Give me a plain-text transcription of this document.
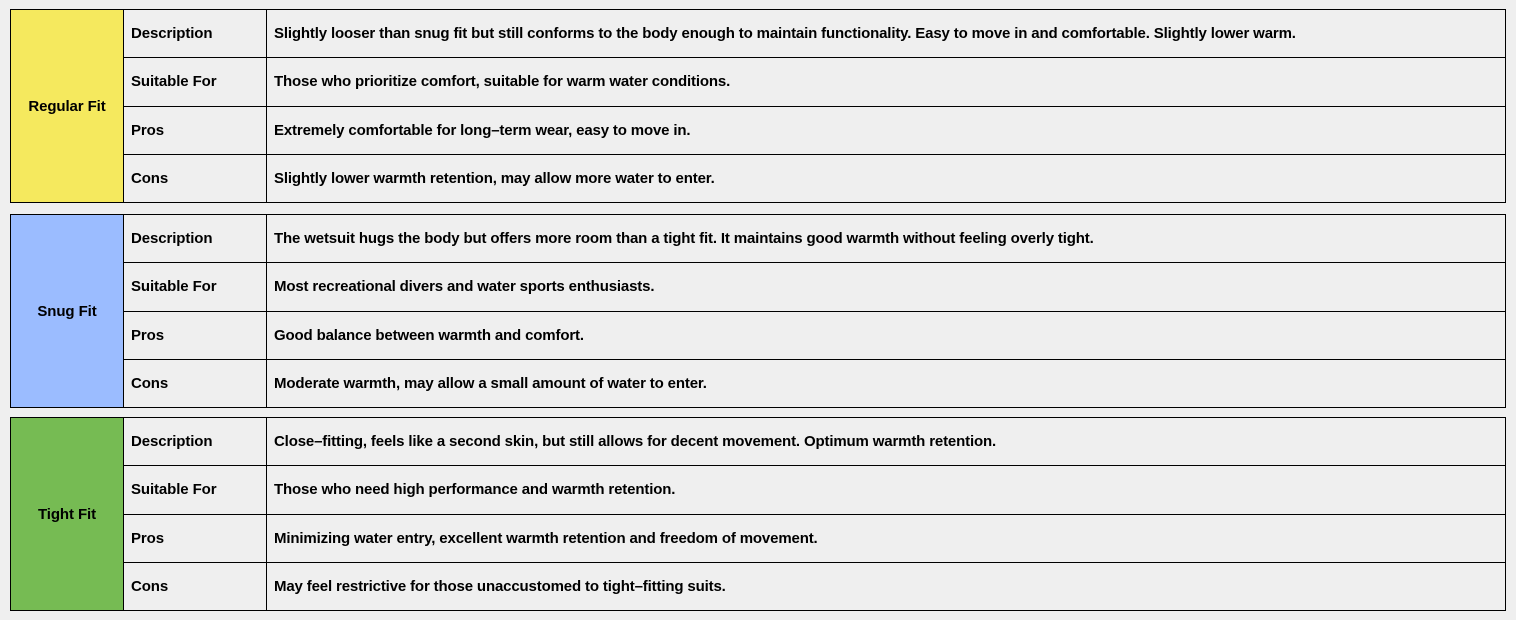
Regular Fit
Description	Slightly looser than snug fit but still conforms to the body enough to maintain functionality. Easy to move in and comfortable. Slightly lower warm.
Suitable For	Those who prioritize comfort, suitable for warm water conditions.
Pros	Extremely comfortable for long–term wear, easy to move in.
Cons	Slightly lower warmth retention, may allow more water to enter.
Snug Fit
Description	The wetsuit hugs the body but offers more room than a tight fit. It maintains good warmth without feeling overly tight.
Suitable For	Most recreational divers and water sports enthusiasts.
Pros	Good balance between warmth and comfort.
Cons	Moderate warmth, may allow a small amount of water to enter.
Tight Fit
Description	Close–fitting, feels like a second skin, but still allows for decent movement. Optimum warmth retention.
Suitable For	Those who need high performance and warmth retention.
Pros	Minimizing water entry, excellent warmth retention and freedom of movement.
Cons	May feel restrictive for those unaccustomed to tight–fitting suits.
